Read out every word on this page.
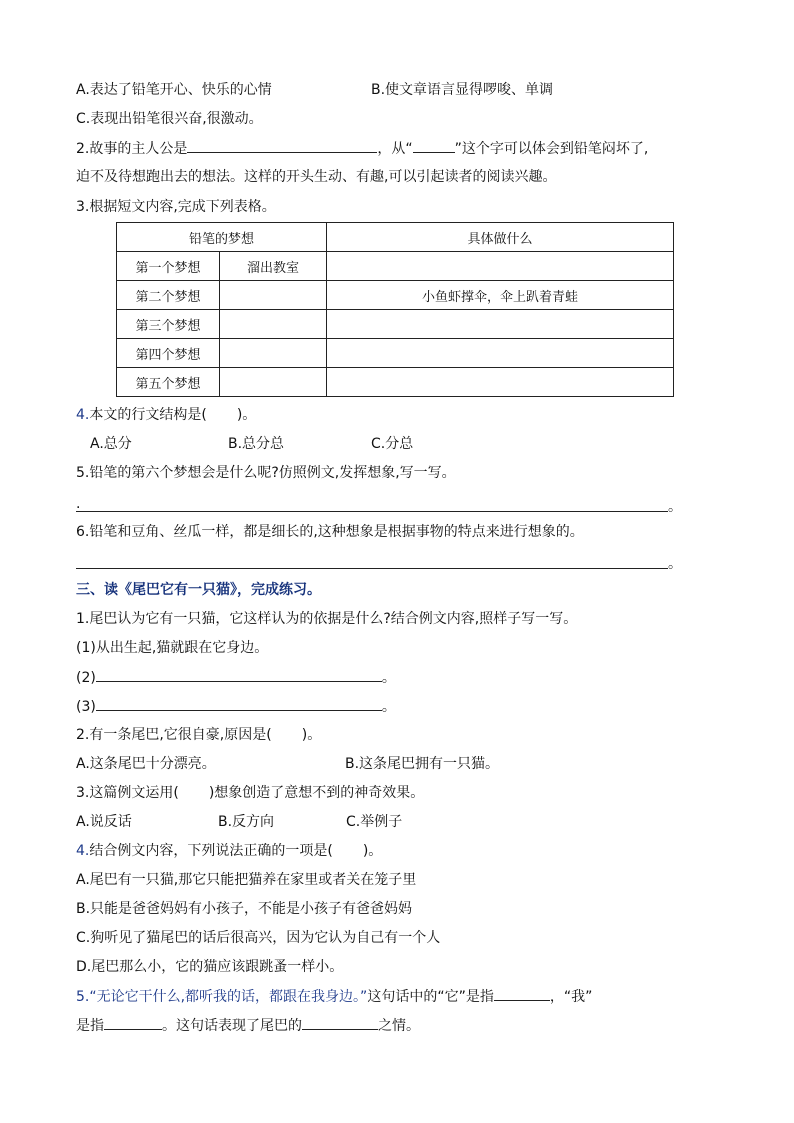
A.表达了铅笔开心、快乐的心情	B.使文章语言显得啰唆、单调
C.表现出铅笔很兴奋,很激动。
2.故事的主人公是	，从“	”这个字可以体会到铅笔闷坏了,
迫不及待想跑出去的想法。这样的开头生动、有趣,可以引起读者的阅读兴趣。
3.根据短文内容,完成下列表格。
铅笔的梦想		具体做什么
第一个梦想	溜出教室	
第二个梦想		小鱼虾撑伞，伞上趴着青蛙
第三个梦想		
第四个梦想		
第五个梦想		
4.本文的行文结构是( )。
A.总分	B.总分总	C.分总
5.铅笔的第六个梦想会是什么呢?仿照例文,发挥想象,写一写。
.	。
6.铅笔和豆角、丝瓜一样，都是细长的,这种想象是根据事物的特点来进行想象的。
。
三、读《尾巴它有一只猫》，完成练习。
1.尾巴认为它有一只猫，它这样认为的依据是什么?结合例文内容,照样子写一写。
(1)从出生起,猫就跟在它身边。
(2)	。
(3)	。
2.有一条尾巴,它很自豪,原因是( )。
A.这条尾巴十分漂亮。	B.这条尾巴拥有一只猫。
3.这篇例文运用( )想象创造了意想不到的神奇效果。
A.说反话	B.反方向	C.举例子
4.结合例文内容，下列说法正确的一项是( )。
A.尾巴有一只猫,那它只能把猫养在家里或者关在笼子里
B.只能是爸爸妈妈有小孩子，不能是小孩子有爸爸妈妈
C.狗听见了猫尾巴的话后很高兴，因为它认为自己有一个人
D.尾巴那么小，它的猫应该跟跳蚤一样小。
5.“无论它干什么,都听我的话，都跟在我身边。”这句话中的“它”是指	，“我”
是指	。这句话表现了尾巴的	之情。
